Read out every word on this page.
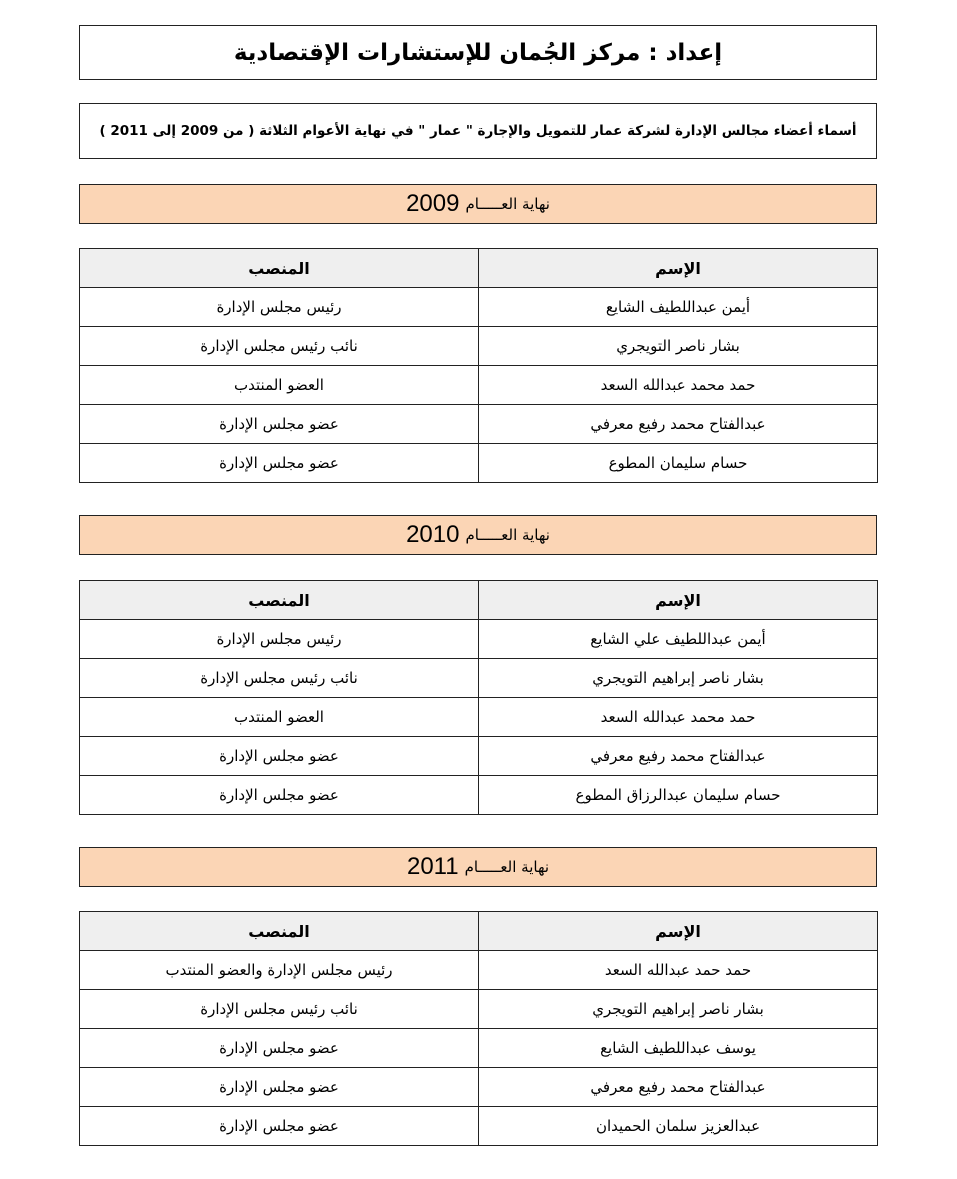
إعداد : مركز الجُمان للإستشارات الإقتصادية
أسماء أعضاء مجالس الإدارة لشركة عمار للتمويل والإجارة " عمار " في نهاية الأعوام الثلاثة ( من 2009 إلى 2011 )
نهاية العـــــام
2009
الإسم	المنصب
أيمن عبداللطيف الشايع	رئيس مجلس الإدارة
بشار ناصر التويجري	نائب رئيس مجلس الإدارة
حمد محمد عبدالله السعد	العضو المنتدب
عبدالفتاح محمد رفيع معرفي	عضو مجلس الإدارة
حسام سليمان المطوع	عضو مجلس الإدارة
نهاية العـــــام
2010
الإسم	المنصب
أيمن عبداللطيف علي الشايع	رئيس مجلس الإدارة
بشار ناصر إبراهيم التويجري	نائب رئيس مجلس الإدارة
حمد محمد عبدالله السعد	العضو المنتدب
عبدالفتاح محمد رفيع معرفي	عضو مجلس الإدارة
حسام سليمان عبدالرزاق المطوع	عضو مجلس الإدارة
نهاية العـــــام
2011
الإسم	المنصب
حمد حمد عبدالله السعد	رئيس مجلس الإدارة والعضو المنتدب
بشار ناصر إبراهيم التويجري	نائب رئيس مجلس الإدارة
يوسف عبداللطيف الشايع	عضو مجلس الإدارة
عبدالفتاح محمد رفيع معرفي	عضو مجلس الإدارة
عبدالعزيز سلمان الحميدان	عضو مجلس الإدارة
